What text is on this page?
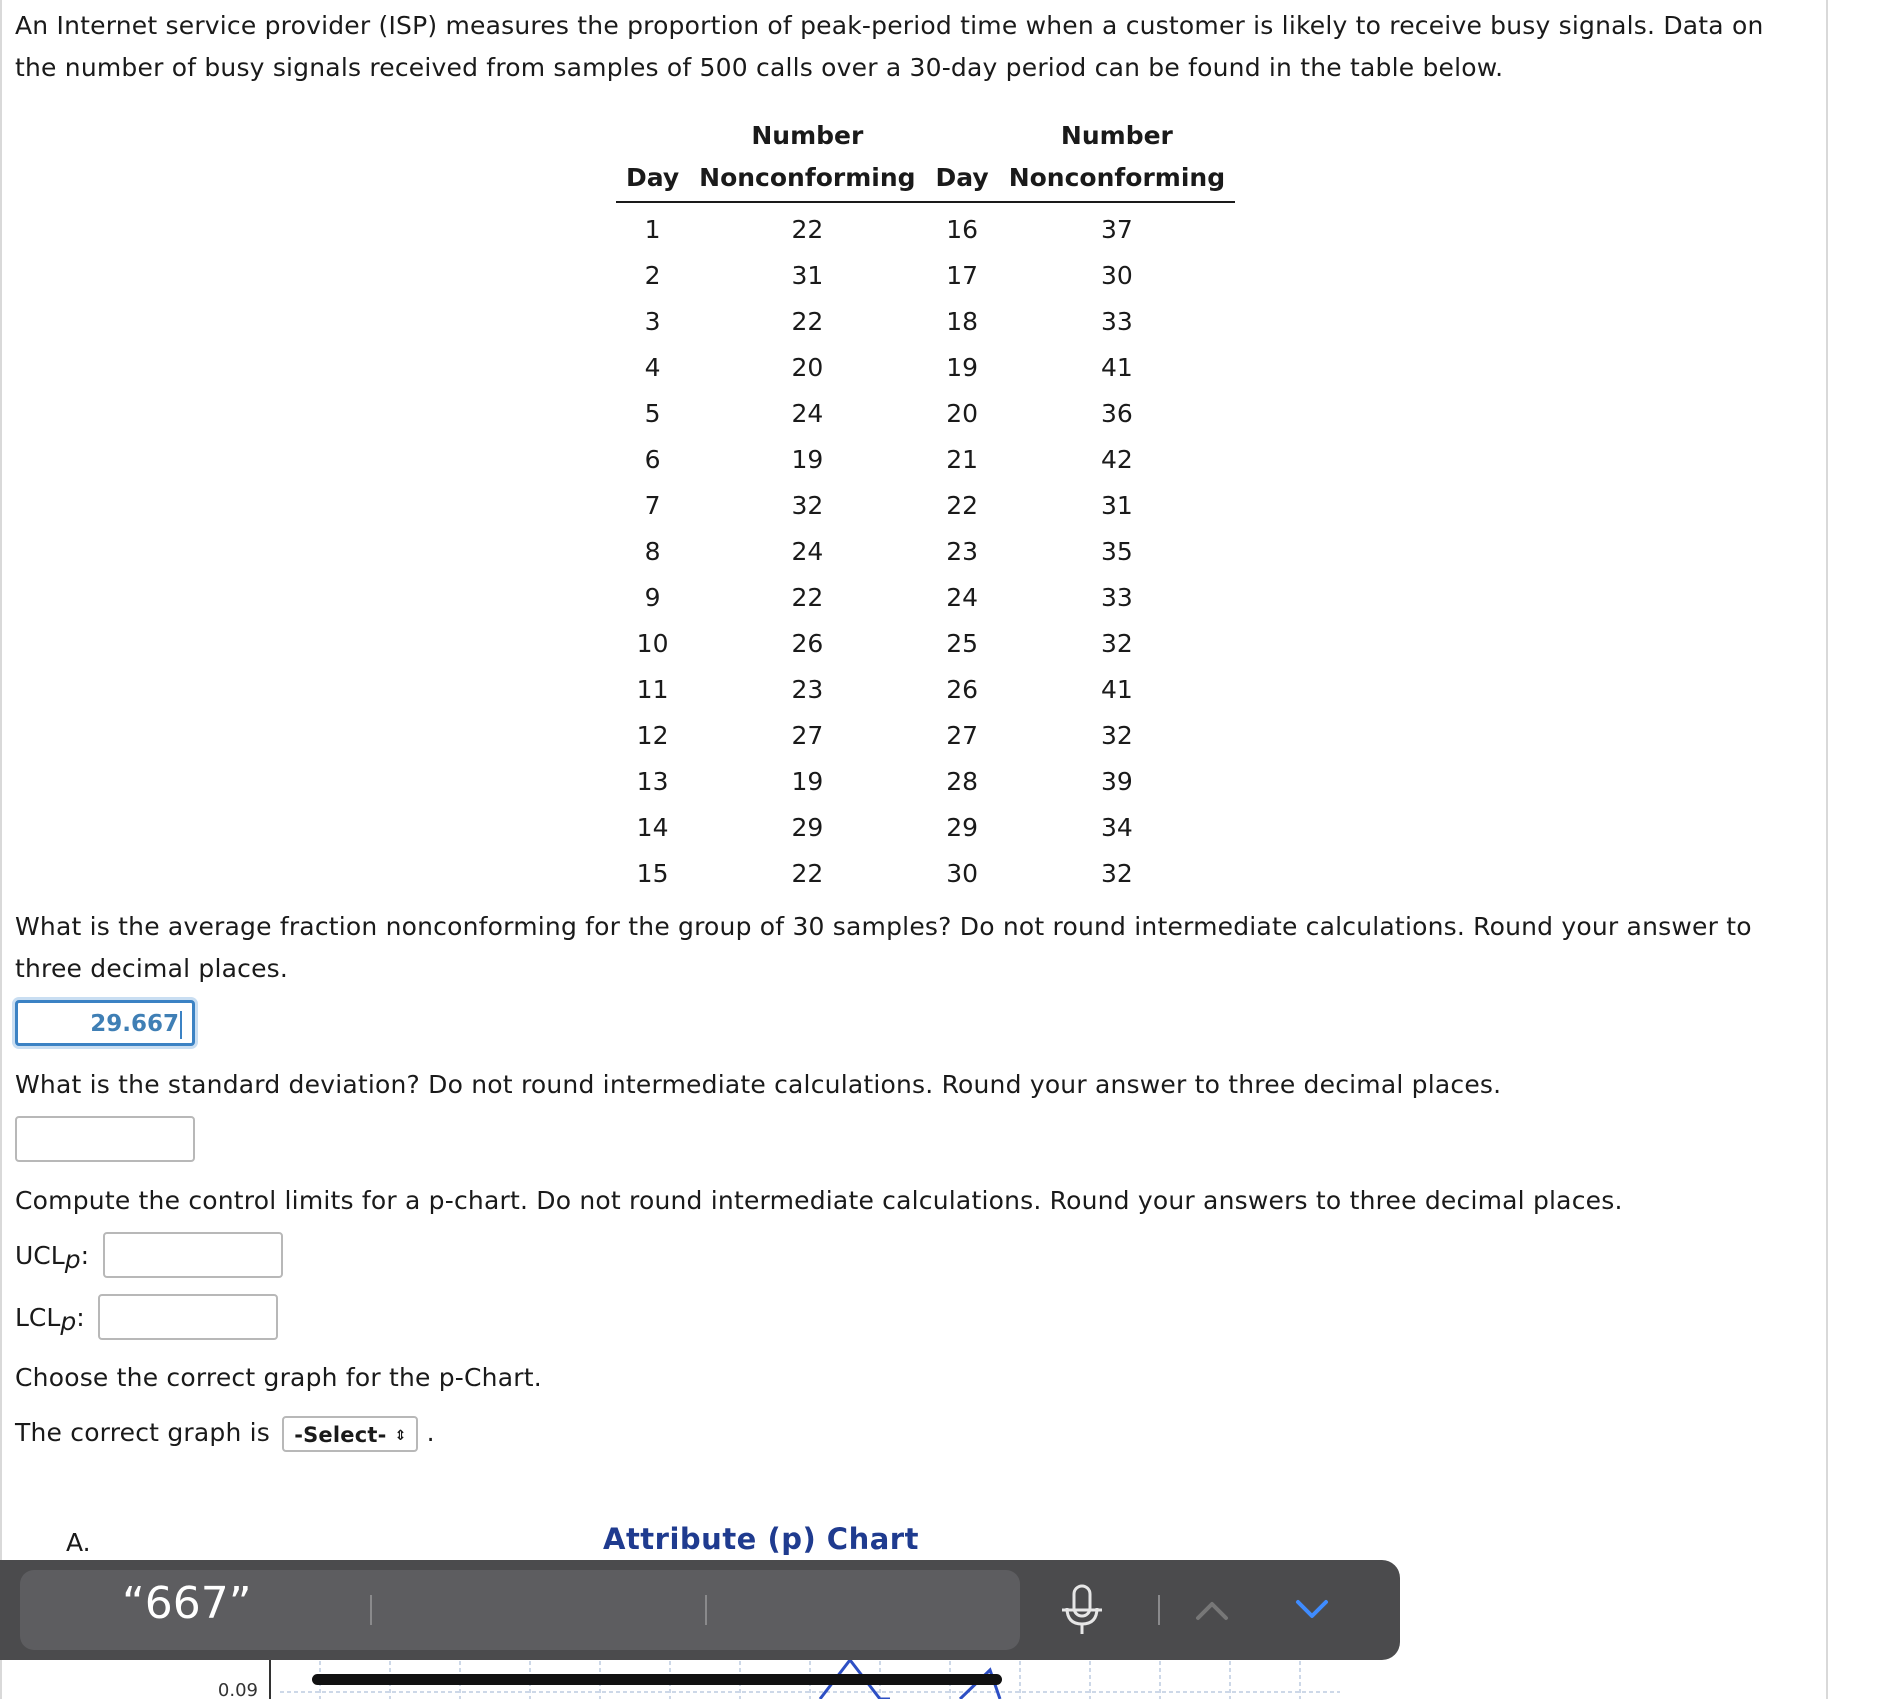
An Internet service provider (ISP) measures the proportion of peak-period time when a customer is likely to receive busy signals. Data on the number of busy signals received from samples of 500 calls over a 30-day period can be found in the table below.

	Number		Number
Day	Nonconforming	Day	Nonconforming
1	22	16	37
2	31	17	30
3	22	18	33
4	20	19	41
5	24	20	36
6	19	21	42
7	32	22	31
8	24	23	35
9	22	24	33
10	26	25	32
11	23	26	41
12	27	27	32
13	19	28	39
14	29	29	34
15	22	30	32

What is the average fraction nonconforming for the group of 30 samples? Do not round intermediate calculations. Round your answer to three decimal places.

29.667

What is the standard deviation? Do not round intermediate calculations. Round your answer to three decimal places.

Compute the control limits for a p-chart. Do not round intermediate calculations. Round your answers to three decimal places.

$UCL_p$:
$LCL_p$:

Choose the correct graph for the p-Chart.

The correct graph is -Select- ⇕ .

A.	Attribute (p) Chart
0.09
“667”
